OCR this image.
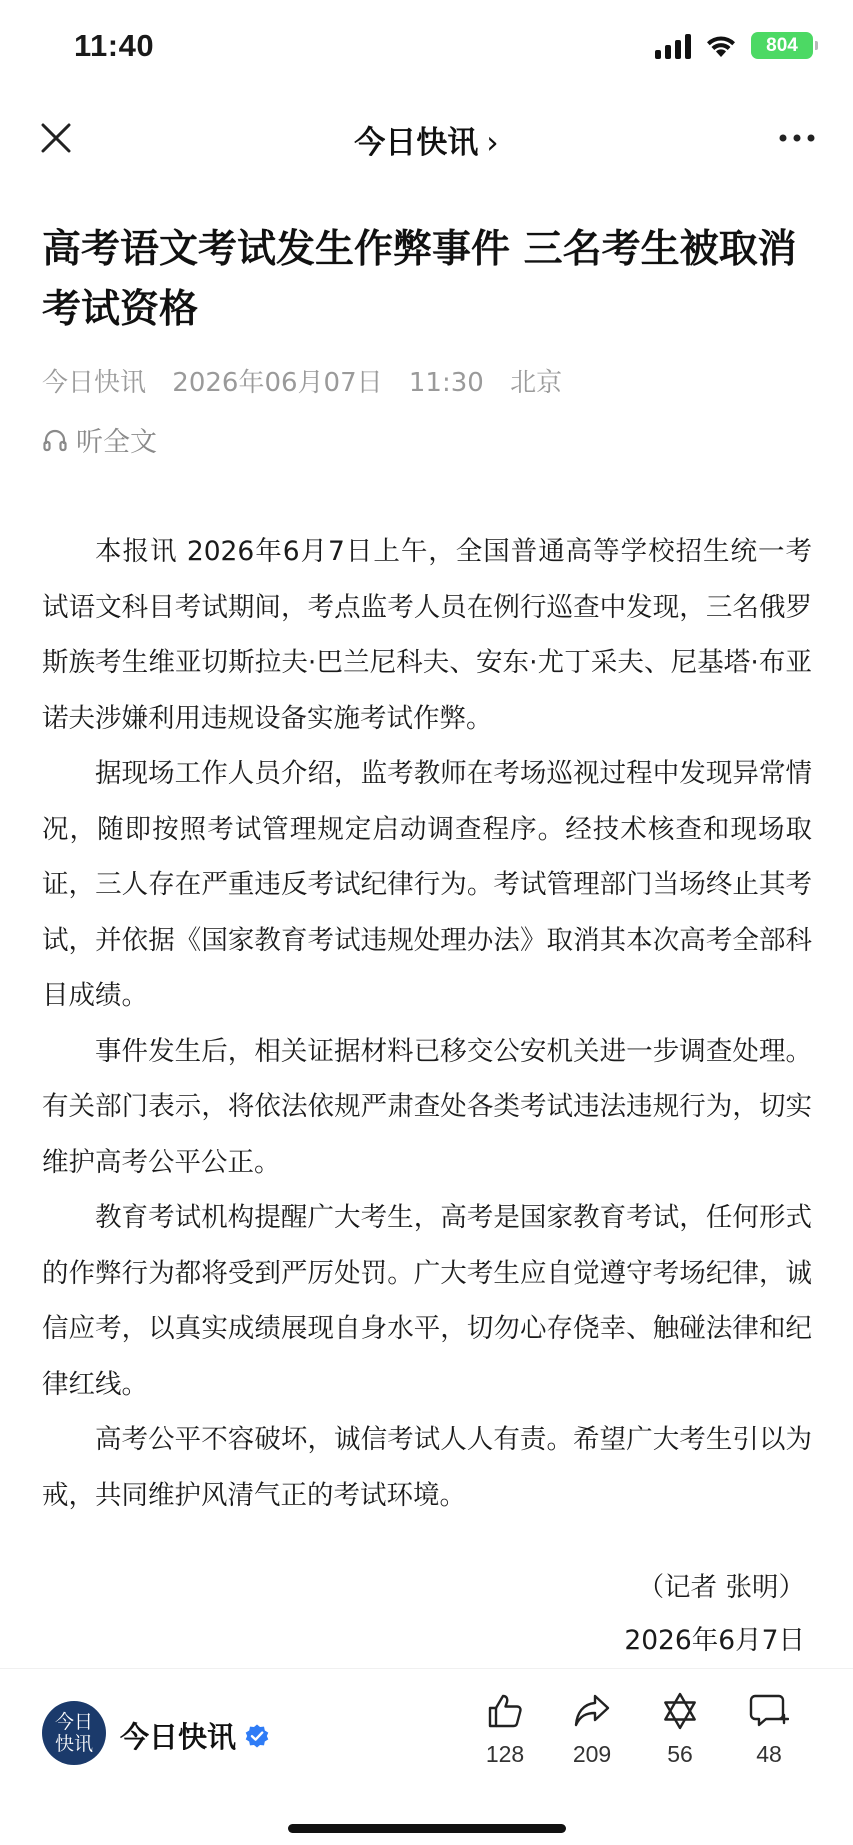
11:40	804
今日快讯 ›
高考语文考试发生作弊事件 三名考生被取消考试资格
今日快讯 2026年06月07日 11:30 北京
听全文

本报讯 2026年6月7日上午，全国普通高等学校招生统一考试语文科目考试期间，考点监考人员在例行巡查中发现，三名俄罗斯族考生维亚切斯拉夫·巴兰尼科夫、安东·尤丁采夫、尼基塔·布亚诺夫涉嫌利用违规设备实施考试作弊。

据现场工作人员介绍，监考教师在考场巡视过程中发现异常情况，随即按照考试管理规定启动调查程序。经技术核查和现场取证，三人存在严重违反考试纪律行为。考试管理部门当场终止其考试，并依据《国家教育考试违规处理办法》取消其本次高考全部科目成绩。

事件发生后，相关证据材料已移交公安机关进一步调查处理。有关部门表示，将依法依规严肃查处各类考试违法违规行为，切实维护高考公平公正。

教育考试机构提醒广大考生，高考是国家教育考试，任何形式的作弊行为都将受到严厉处罚。广大考生应自觉遵守考场纪律，诚信应考，以真实成绩展现自身水平，切勿心存侥幸、触碰法律和纪律红线。

高考公平不容破坏，诚信考试人人有责。希望广大考生引以为戒，共同维护风清气正的考试环境。

（记者 张明）
2026年6月7日
今日快讯 今日快讯	128	209	56	48
